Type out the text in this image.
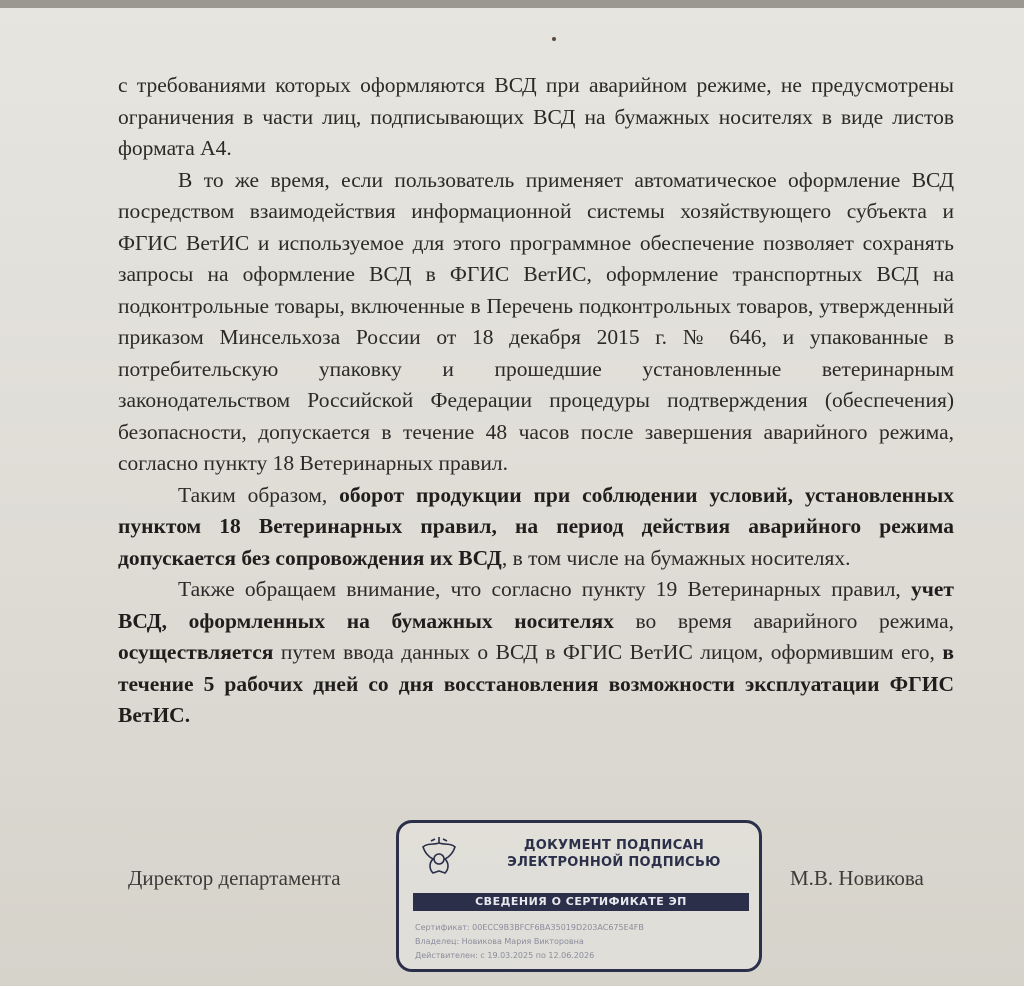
с требованиями которых оформляются ВСД при аварийном режиме, не предусмотрены ограничения в части лиц, подписывающих ВСД на бумажных носителях в виде листов формата А4.

В то же время, если пользователь применяет автоматическое оформление ВСД посредством взаимодействия информационной системы хозяйствующего субъекта и ФГИС ВетИС и используемое для этого программное обеспечение позволяет сохранять запросы на оформление ВСД в ФГИС ВетИС, оформление транспортных ВСД на подконтрольные товары, включенные в Перечень подконтрольных товаров, утвержденный приказом Минсельхоза России от 18 декабря 2015 г. № 646, и упакованные в потребительскую упаковку и прошедшие установленные ветеринарным законодательством Российской Федерации процедуры подтверждения (обеспечения) безопасности, допускается в течение 48 часов после завершения аварийного режима, согласно пункту 18 Ветеринарных правил.

Таким образом, оборот продукции при соблюдении условий, установленных пунктом 18 Ветеринарных правил, на период действия аварийного режима допускается без сопровождения их ВСД, в том числе на бумажных носителях.

Также обращаем внимание, что согласно пункту 19 Ветеринарных правил, учет ВСД, оформленных на бумажных носителях во время аварийного режима, осуществляется путем ввода данных о ВСД в ФГИС ВетИС лицом, оформившим его, в течение 5 рабочих дней со дня восстановления возможности эксплуатации ФГИС ВетИС.

Директор департамента	М.В. Новикова
ДОКУМЕНТ ПОДПИСАН
ЭЛЕКТРОННОЙ ПОДПИСЬЮ
СВЕДЕНИЯ О СЕРТИФИКАТЕ ЭП
Сертификат: 00ECC9B3BFCF6BA35019D203AC675E4FB
Владелец: Новикова Мария Викторовна
Действителен: с 19.03.2025 по 12.06.2026
